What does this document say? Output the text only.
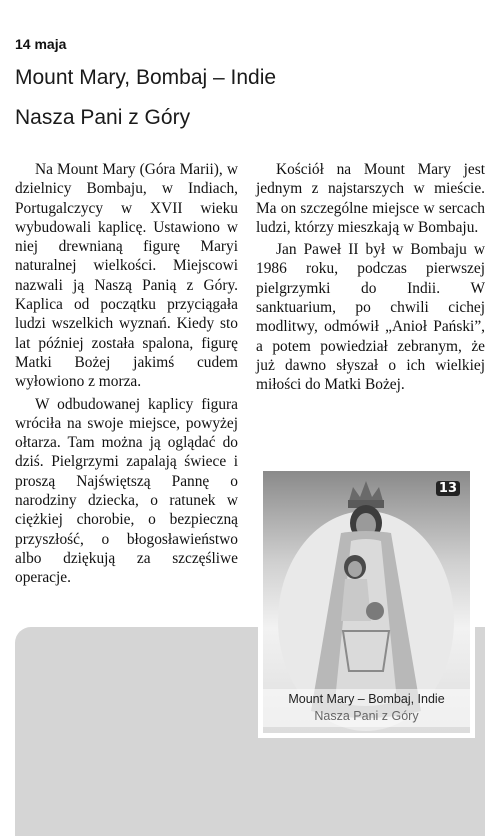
14 maja
Mount Mary, Bombaj – Indie
Nasza Pani z Góry

Na Mount Mary (Góra Marii), w dzielnicy Bombaju, w Indiach, Portugalczycy w XVII wieku wybudowali kaplicę. Ustawiono w niej drewnianą figurę Maryi naturalnej wielkości. Miejscowi nazwali ją Naszą Panią z Góry. Kaplica od początku przyciągała ludzi wszelkich wyznań. Kiedy sto lat później została spalona, figurę Matki Bożej jakimś cudem wyłowiono z morza.

W odbudowanej kaplicy figura wróciła na swoje miejsce, powyżej ołtarza. Tam można ją oglądać do dziś. Pielgrzymi zapalają świece i proszą Najświętszą Pannę o narodziny dziecka, o ratunek w ciężkiej chorobie, o bezpieczną przyszłość, o błogosławieństwo albo dziękują za szczęśliwe operacje.

Kościół na Mount Mary jest jednym z najstarszych w mieście. Ma on szczególne miejsce w sercach ludzi, którzy mieszkają w Bombaju.

Jan Paweł II był w Bombaju w 1986 roku, podczas pierwszej pielgrzymki do Indii. W sanktuarium, po chwili cichej modlitwy, odmówił „Anioł Pański”, a potem powiedział zebranym, że już dawno słyszał o ich wielkiej miłości do Matki Bożej.

13
Mount Mary – Bombaj, Indie
Nasza Pani z Góry
